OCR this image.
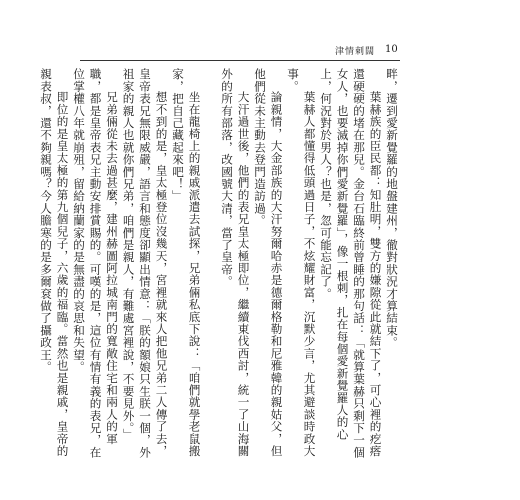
津情刺闊 10

畔，遷到愛新覺羅的地盤建州，徹對狀況才算結束。

葉赫族的臣民都：知肚明，雙方的嫌隙從此就結下了，可心裡的疙瘩還硬硬的堵在那兒。金台石臨終前曾睡的那句話：「就算葉赫只剩下一個女人，也要滅掉你們愛新覺羅」，像一根刺，扎在每個愛新覺羅人的心上，何況對於男人？也是，忽可能忘記了。

葉赫人都懂得低頭過日子，不炫耀財富，沉默少言，尤其避談時政大事。

論親情，大金部族的大汗努爾哈赤是德爾格勒和尼雅韓的親姑父，但他們從未主動去登門造訪過。

大汗過世後，他們的表兄皇太極即位，繼續東伐西討，統一了山海關外的所有部落，改國號大清，當了皇帝。

坐在龍椅上的親戚派遣去試探，兄弟倆私底下說：「咱們就學老鼠搬家，把自己藏起來吧！」

想不到的是，皇太極登位沒幾天，宮裡就來人把他兄弟二人傳了去，皇帝表兄無限威嚴，語言和態度卻顯出情意：「朕的額娘只生朕一個，外祖家的親人也就你們兄弟，咱們是親人，有難處宮裡說，不要見外。」

兄弟倆從未去過甚麼，建州赫圖阿拉城南門的寬敞住宅和兩人的軍職，都是皇帝表兄主動安排賞賜的。可嘆的是，這位有情有義的表兄，在位掌權八年就崩殂，留給納蘭家的是無盡的哀思和失望。

即位的是皇太極的第九個兒子，六歲的福臨。當然也是親戚，皇帝的親表叔，還不夠親嗎？今人膽寒的是多爾袞做了攝政王。
